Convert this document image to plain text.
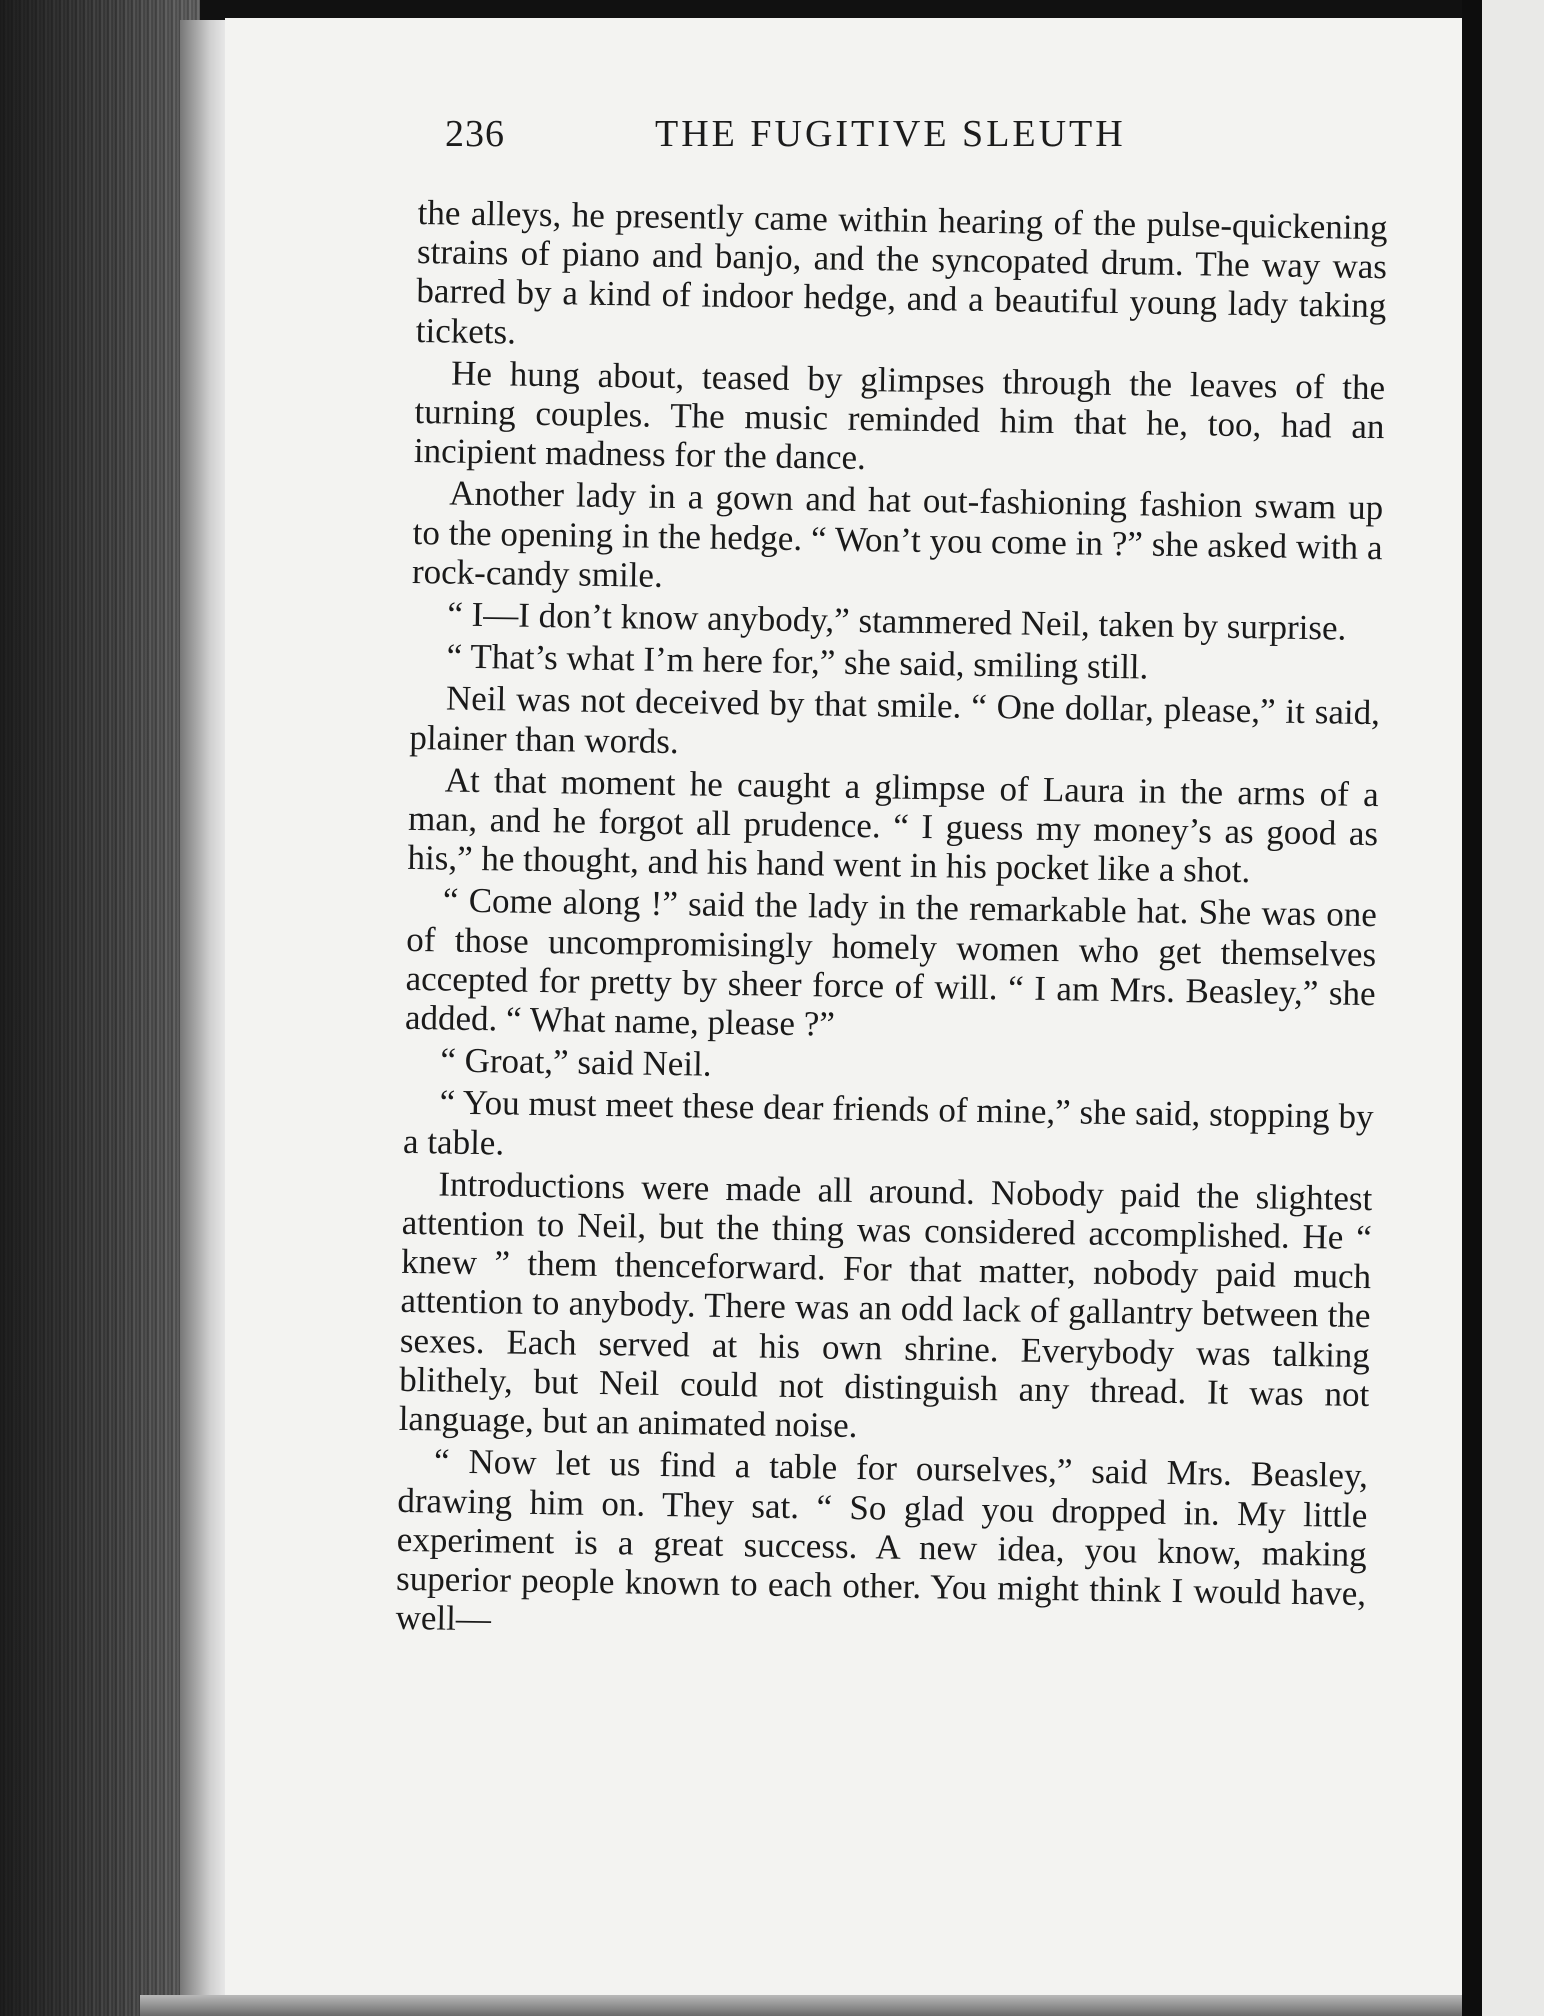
236	THE FUGITIVE SLEUTH

the alleys, he presently came within hearing of the pulse-quickening strains of piano and banjo, and the syncopated drum. The way was barred by a kind of indoor hedge, and a beautiful young lady taking tickets.

He hung about, teased by glimpses through the leaves of the turning couples. The music reminded him that he, too, had an incipient madness for the dance.

Another lady in a gown and hat out-fashioning fashion swam up to the opening in the hedge. “ Won’t you come in ?” she asked with a rock-candy smile.

“ I—I don’t know anybody,” stammered Neil, taken by surprise.

“ That’s what I’m here for,” she said, smiling still.

Neil was not deceived by that smile. “ One dollar, please,” it said, plainer than words.

At that moment he caught a glimpse of Laura in the arms of a man, and he forgot all prudence. “ I guess my money’s as good as his,” he thought, and his hand went in his pocket like a shot.

“ Come along !” said the lady in the remarkable hat. She was one of those uncompromisingly homely women who get themselves accepted for pretty by sheer force of will. “ I am Mrs. Beasley,” she added. “ What name, please ?”

“ Groat,” said Neil.

“ You must meet these dear friends of mine,” she said, stopping by a table.

Introductions were made all around. Nobody paid the slightest attention to Neil, but the thing was considered accomplished. He “ knew ” them thenceforward. For that matter, nobody paid much attention to anybody. There was an odd lack of gallantry between the sexes. Each served at his own shrine. Everybody was talking blithely, but Neil could not distinguish any thread. It was not language, but an animated noise.

“ Now let us find a table for ourselves,” said Mrs. Beasley, drawing him on. They sat. “ So glad you dropped in. My little experiment is a great success. A new idea, you know, making superior people known to each other. You might think I would have, well—
